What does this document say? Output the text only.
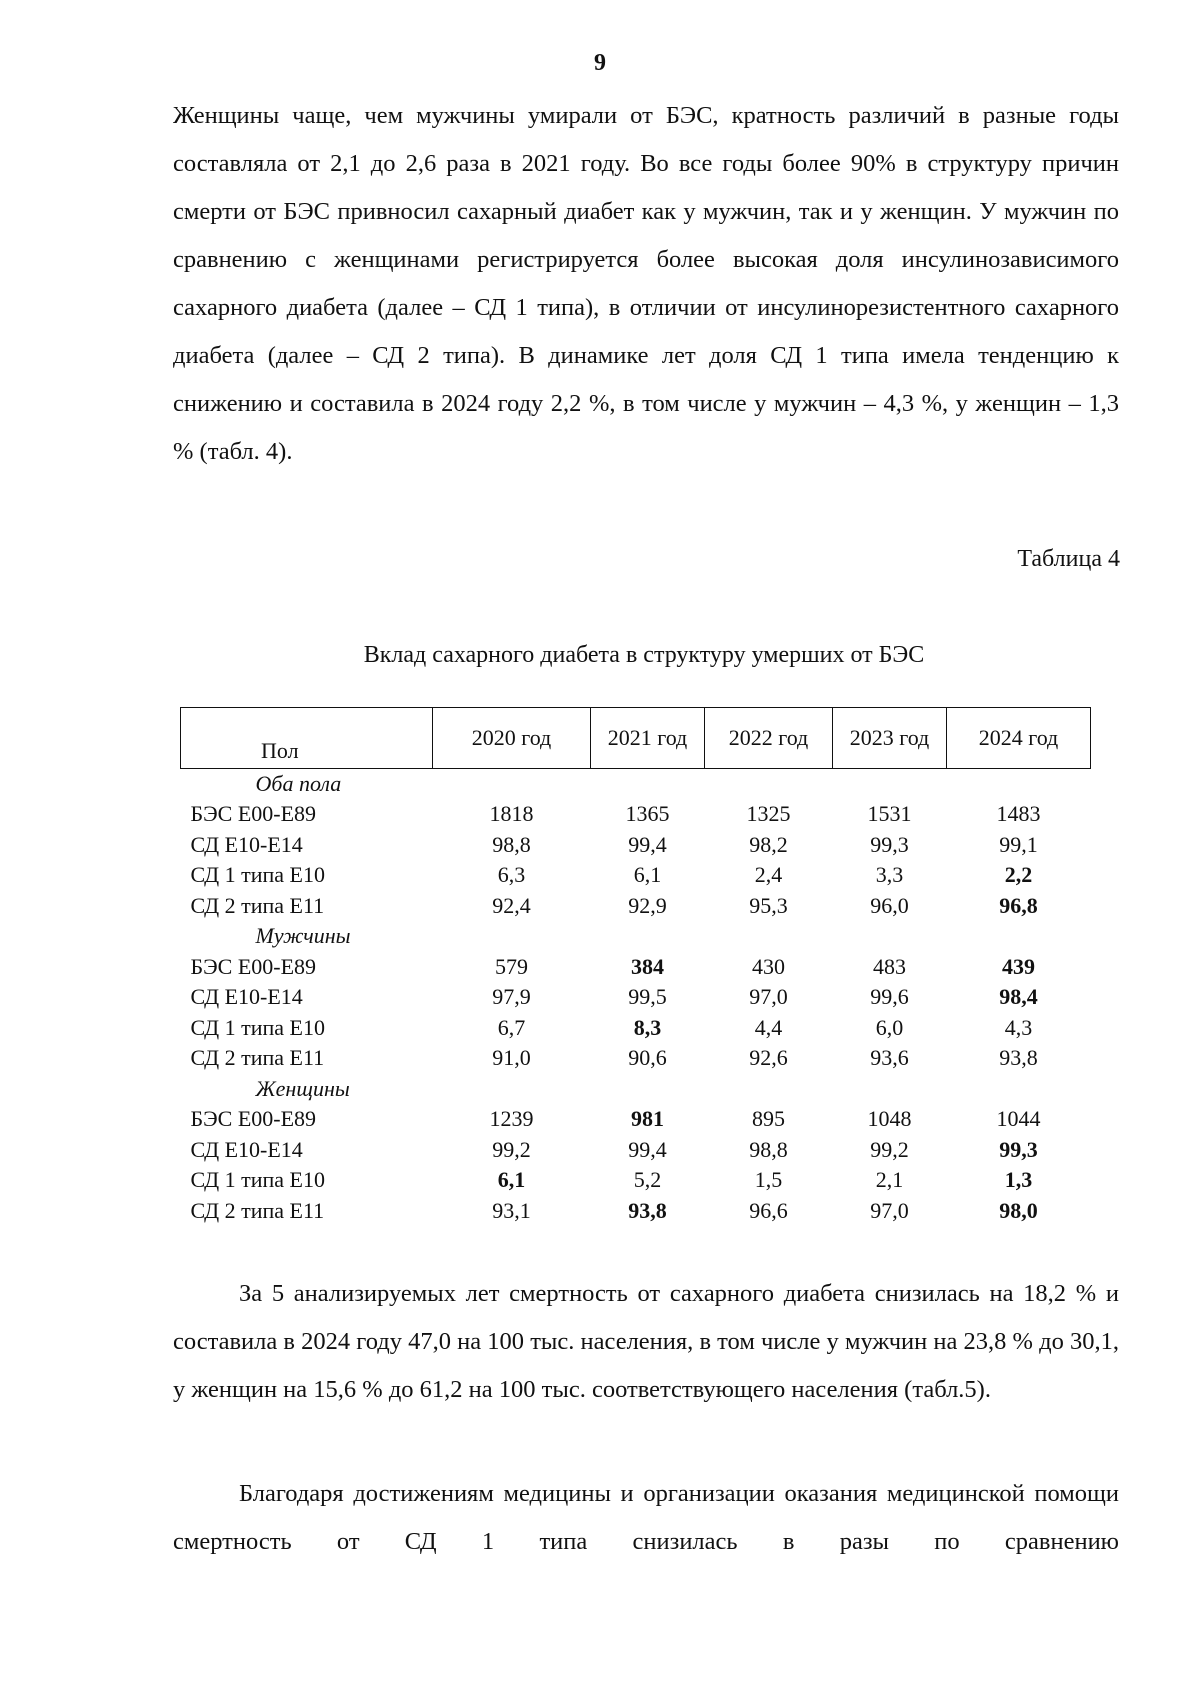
9

Женщины чаще, чем мужчины умирали от БЭС, кратность различий в разные годы составляла от 2,1 до 2,6 раза в 2021 году. Во все годы более 90% в структуру причин смерти от БЭС привносил сахарный диабет как у мужчин, так и у женщин. У мужчин по сравнению с женщинами регистрируется более высокая доля инсулинозависимого сахарного диабета (далее – СД 1 типа), в отличии от инсулинорезистентного сахарного диабета (далее – СД 2 типа). В динамике лет доля СД 1 типа имела тенденцию к снижению и составила в 2024 году 2,2 %, в том числе у мужчин – 4,3 %, у женщин – 1,3 % (табл. 4).

Таблица 4
Вклад сахарного диабета в структуру умерших от БЭС
Пол	2020 год	2021 год	2022 год	2023 год	2024 год
Оба пола					
БЭС Е00-Е89	1818	1365	1325	1531	1483
СД Е10-Е14	98,8	99,4	98,2	99,3	99,1
СД 1 типа Е10	6,3	6,1	2,4	3,3	2,2
СД 2 типа Е11	92,4	92,9	95,3	96,0	96,8
Мужчины					
БЭС Е00-Е89	579	384	430	483	439
СД Е10-Е14	97,9	99,5	97,0	99,6	98,4
СД 1 типа Е10	6,7	8,3	4,4	6,0	4,3
СД 2 типа Е11	91,0	90,6	92,6	93,6	93,8
Женщины					
БЭС Е00-Е89	1239	981	895	1048	1044
СД Е10-Е14	99,2	99,4	98,8	99,2	99,3
СД 1 типа Е10	6,1	5,2	1,5	2,1	1,3
СД 2 типа Е11	93,1	93,8	96,6	97,0	98,0

За 5 анализируемых лет смертность от сахарного диабета снизилась на 18,2 % и составила в 2024 году 47,0 на 100 тыс. населения, в том числе у мужчин на 23,8 % до 30,1, у женщин на 15,6 % до 61,2 на 100 тыс. соответствующего населения (табл.5).

Благодаря достижениям медицины и организации оказания медицинской помощи смертность от СД 1 типа снизилась в разы по сравнению
